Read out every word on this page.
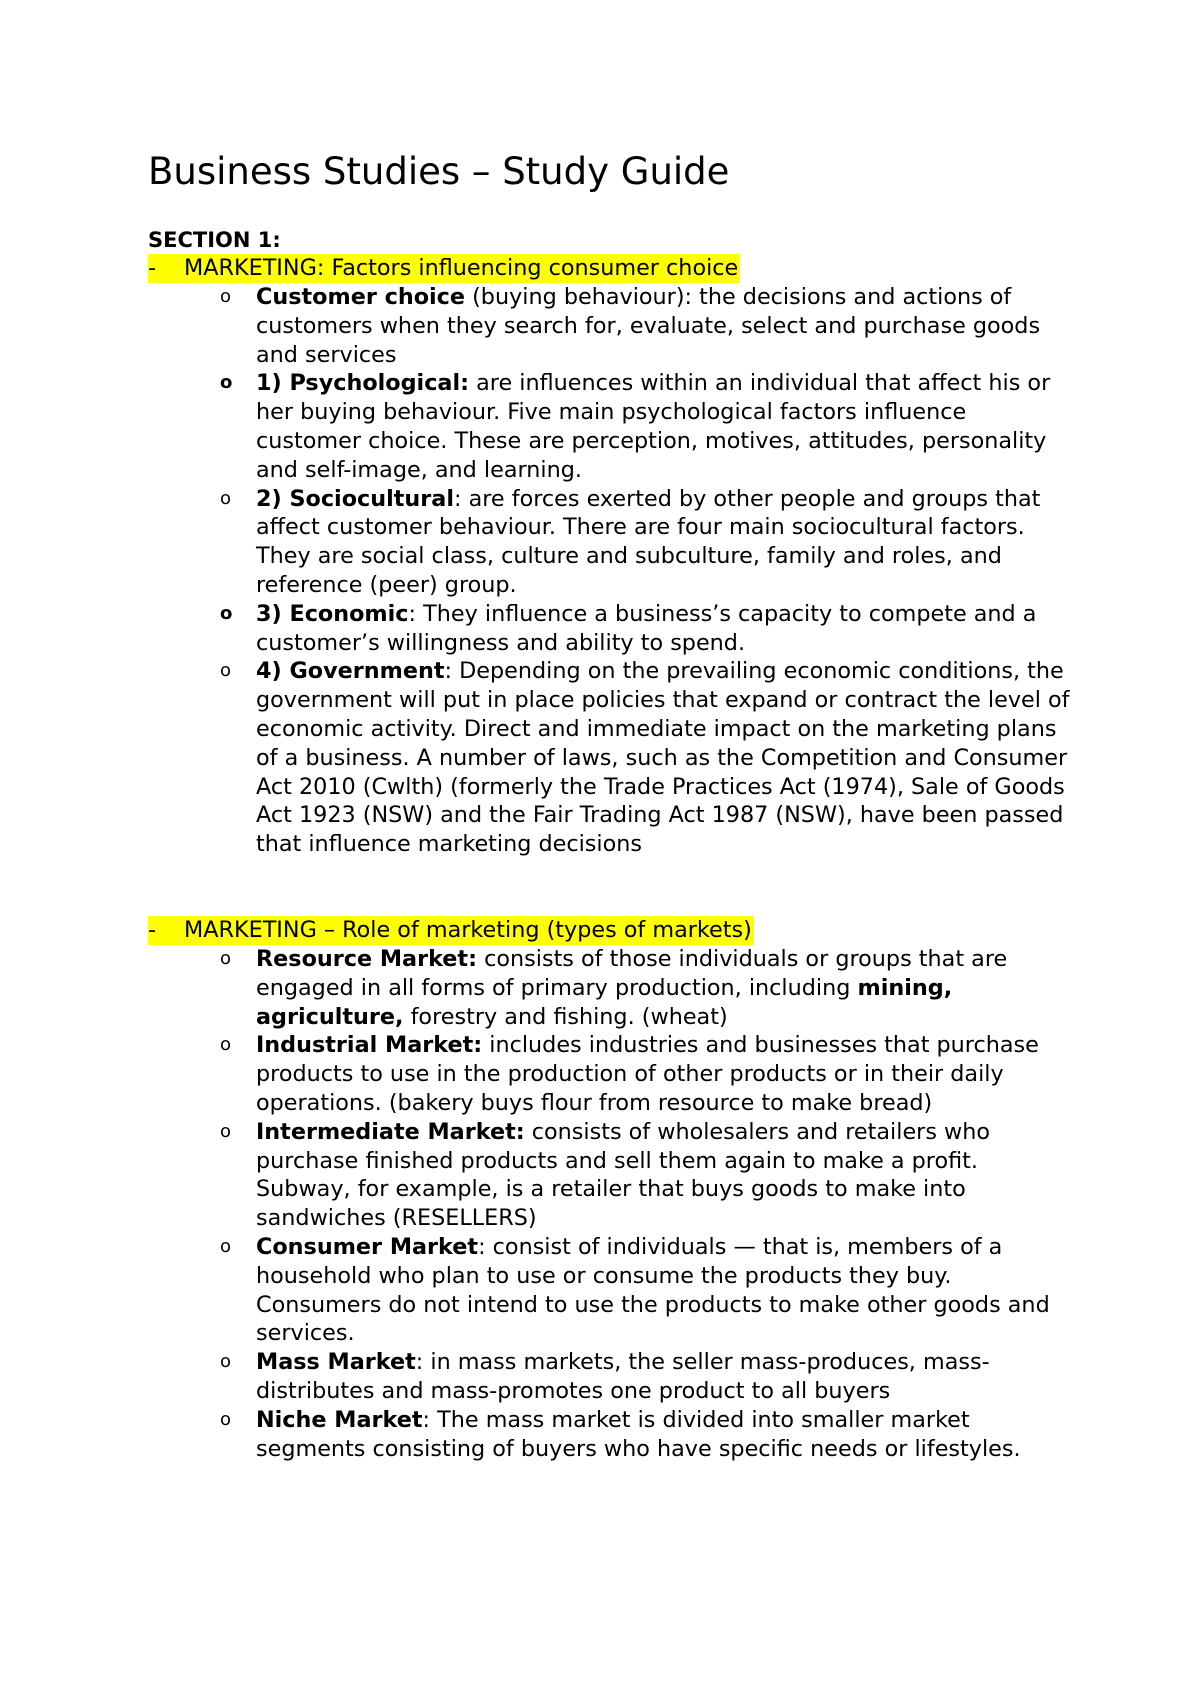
Business Studies – Study Guide
SECTION 1:
-	MARKETING: Factors influencing consumer choice
o Customer choice (buying behaviour): the decisions and actions of customers when they search for, evaluate, select and purchase goods and services
o 1) Psychological: are influences within an individual that affect his or her buying behaviour. Five main psychological factors influence customer choice. These are perception, motives, attitudes, personality and self-image, and learning.
o 2) Sociocultural: are forces exerted by other people and groups that affect customer behaviour. There are four main sociocultural factors. They are social class, culture and subculture, family and roles, and reference (peer) group.
o 3) Economic: They influence a business’s capacity to compete and a customer’s willingness and ability to spend.
o 4) Government: Depending on the prevailing economic conditions, the government will put in place policies that expand or contract the level of economic activity. Direct and immediate impact on the marketing plans of a business. A number of laws, such as the Competition and Consumer Act 2010 (Cwlth) (formerly the Trade Practices Act (1974), Sale of Goods Act 1923 (NSW) and the Fair Trading Act 1987 (NSW), have been passed that influence marketing decisions
-	MARKETING – Role of marketing (types of markets)
o Resource Market: consists of those individuals or groups that are engaged in all forms of primary production, including mining, agriculture, forestry and fishing. (wheat)
o Industrial Market: includes industries and businesses that purchase products to use in the production of other products or in their daily operations. (bakery buys flour from resource to make bread)
o Intermediate Market: consists of wholesalers and retailers who purchase finished products and sell them again to make a profit. Subway, for example, is a retailer that buys goods to make into sandwiches (RESELLERS)
o Consumer Market: consist of individuals — that is, members of a household who plan to use or consume the products they buy. Consumers do not intend to use the products to make other goods and services.
o Mass Market: in mass markets, the seller mass-produces, mass-distributes and mass-promotes one product to all buyers
o Niche Market: The mass market is divided into smaller market segments consisting of buyers who have specific needs or lifestyles.
